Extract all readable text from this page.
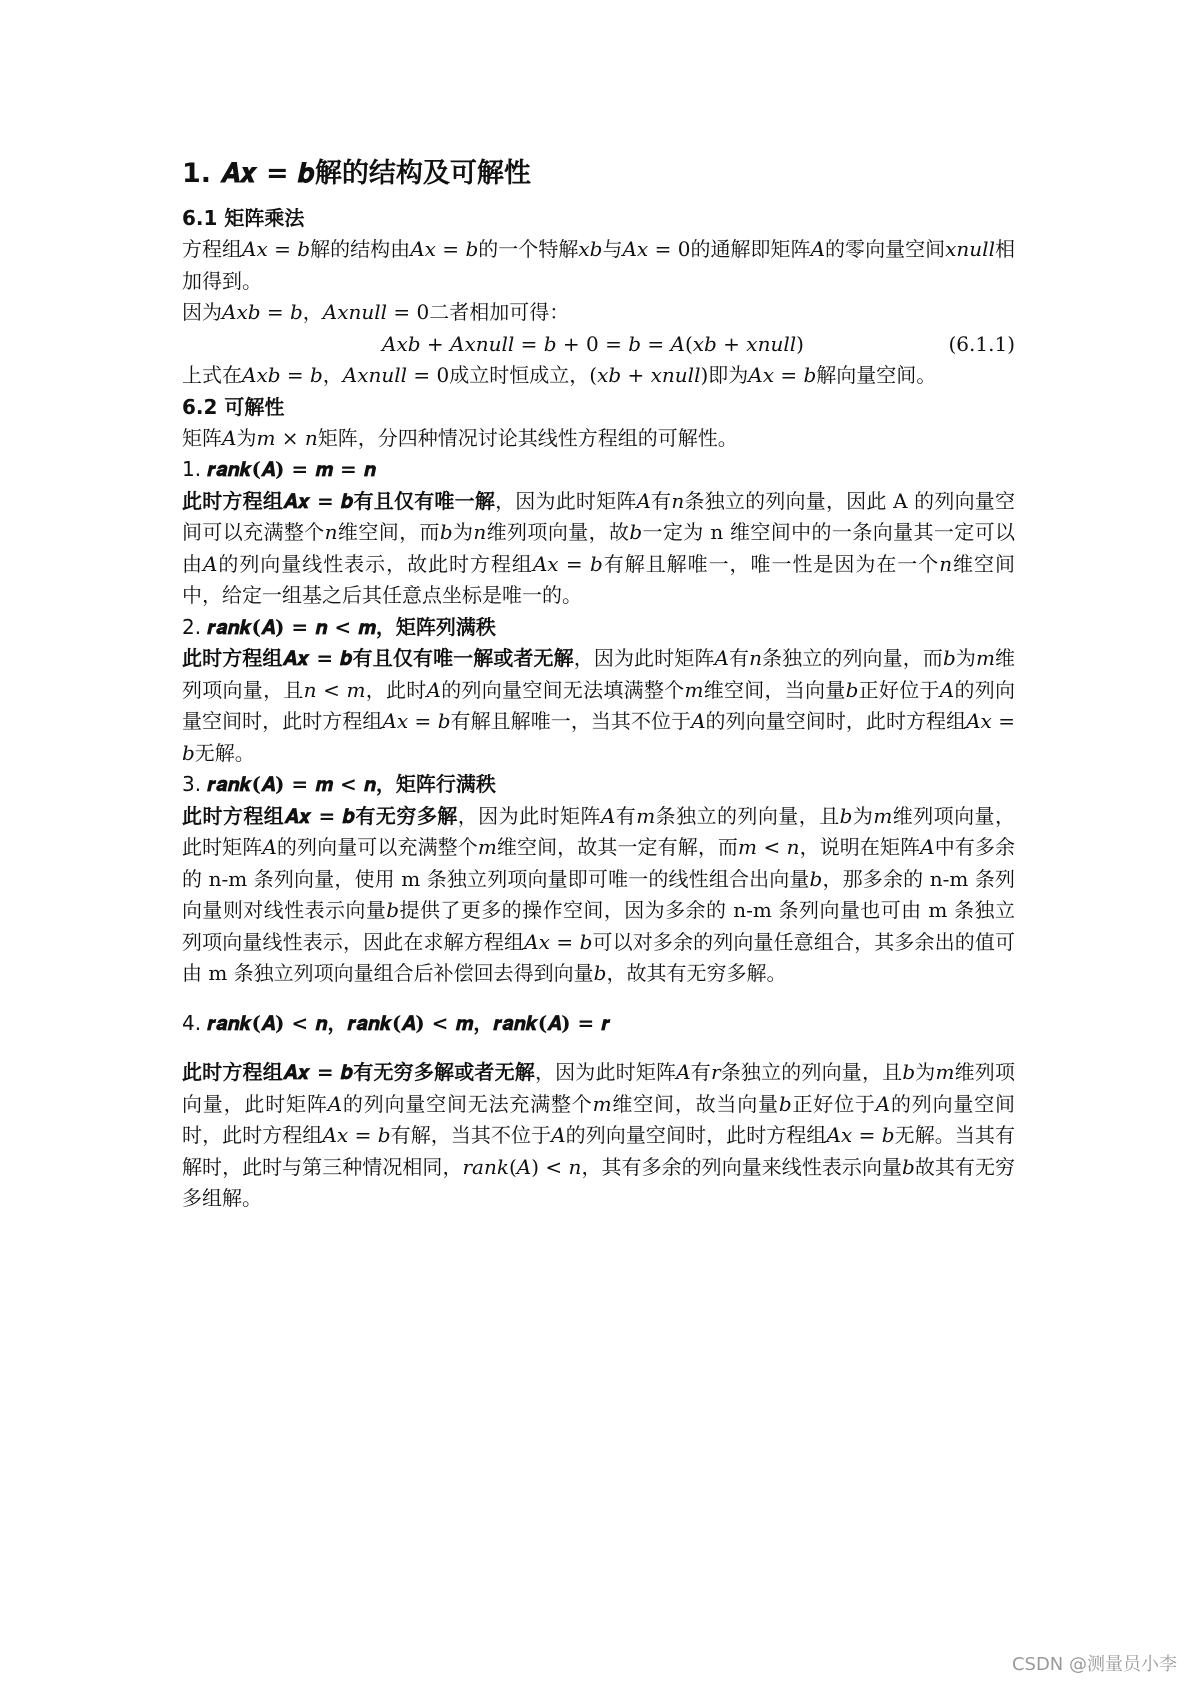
1. 𝑨𝒙 = 𝒃解的结构及可解性
6.1 矩阵乘法

方程组𝐴𝑥 = 𝑏解的结构由𝐴𝑥 = 𝑏的一个特解𝑥𝑏与𝐴𝑥 = 0的通解即矩阵𝐴的零向量空间𝑥𝑛𝑢𝑙𝑙相加得到。

因为𝐴𝑥𝑏 = 𝑏，𝐴𝑥𝑛𝑢𝑙𝑙 = 0二者相加可得：

𝐴𝑥𝑏 + 𝐴𝑥𝑛𝑢𝑙𝑙 = 𝑏 + 0 = 𝑏 = 𝐴(𝑥𝑏 + 𝑥𝑛𝑢𝑙𝑙)	(6.1.1)

上式在𝐴𝑥𝑏 = 𝑏，𝐴𝑥𝑛𝑢𝑙𝑙 = 0成立时恒成立，(𝑥𝑏 + 𝑥𝑛𝑢𝑙𝑙)即为𝐴𝑥 = 𝑏解向量空间。

6.2 可解性

矩阵𝐴为𝑚 × 𝑛矩阵，分四种情况讨论其线性方程组的可解性。

1. 𝒓𝒂𝒏𝒌(𝑨) = 𝒎 = 𝒏

此时方程组𝑨𝒙 = 𝒃有且仅有唯一解，因为此时矩阵𝐴有𝑛条独立的列向量，因此 A 的列向量空间可以充满整个𝑛维空间，而𝑏为𝑛维列项向量，故𝑏一定为 n 维空间中的一条向量其一定可以由𝐴的列向量线性表示，故此时方程组𝐴𝑥 = 𝑏有解且解唯一，唯一性是因为在一个𝑛维空间中，给定一组基之后其任意点坐标是唯一的。

2. 𝒓𝒂𝒏𝒌(𝑨) = 𝒏 < 𝒎，矩阵列满秩

此时方程组𝑨𝒙 = 𝒃有且仅有唯一解或者无解，因为此时矩阵𝐴有𝑛条独立的列向量，而𝑏为𝑚维列项向量，且𝑛 < 𝑚，此时𝐴的列向量空间无法填满整个𝑚维空间，当向量𝑏正好位于𝐴的列向量空间时，此时方程组𝐴𝑥 = 𝑏有解且解唯一，当其不位于𝐴的列向量空间时，此时方程组𝐴𝑥 = 𝑏无解。

3. 𝒓𝒂𝒏𝒌(𝑨) = 𝒎 < 𝒏，矩阵行满秩

此时方程组𝑨𝒙 = 𝒃有无穷多解，因为此时矩阵𝐴有𝑚条独立的列向量，且𝑏为𝑚维列项向量，此时矩阵𝐴的列向量可以充满整个𝑚维空间，故其一定有解，而𝑚 < 𝑛，说明在矩阵𝐴中有多余的 n-m 条列向量，使用 m 条独立列项向量即可唯一的线性组合出向量𝑏，那多余的 n-m 条列向量则对线性表示向量𝑏提供了更多的操作空间，因为多余的 n-m 条列向量也可由 m 条独立列项向量线性表示，因此在求解方程组𝐴𝑥 = 𝑏可以对多余的列向量任意组合，其多余出的值可由 m 条独立列项向量组合后补偿回去得到向量𝑏，故其有无穷多解。

4. 𝒓𝒂𝒏𝒌(𝑨) < 𝒏，𝒓𝒂𝒏𝒌(𝑨) < 𝒎，𝒓𝒂𝒏𝒌(𝑨) = 𝒓

此时方程组𝑨𝒙 = 𝒃有无穷多解或者无解，因为此时矩阵𝐴有𝑟条独立的列向量，且𝑏为𝑚维列项向量，此时矩阵𝐴的列向量空间无法充满整个𝑚维空间，故当向量𝑏正好位于𝐴的列向量空间时，此时方程组𝐴𝑥 = 𝑏有解，当其不位于𝐴的列向量空间时，此时方程组𝐴𝑥 = 𝑏无解。当其有解时，此时与第三种情况相同，𝑟𝑎𝑛𝑘(𝐴) < 𝑛，其有多余的列向量来线性表示向量𝑏故其有无穷多组解。

CSDN @测量员小李
